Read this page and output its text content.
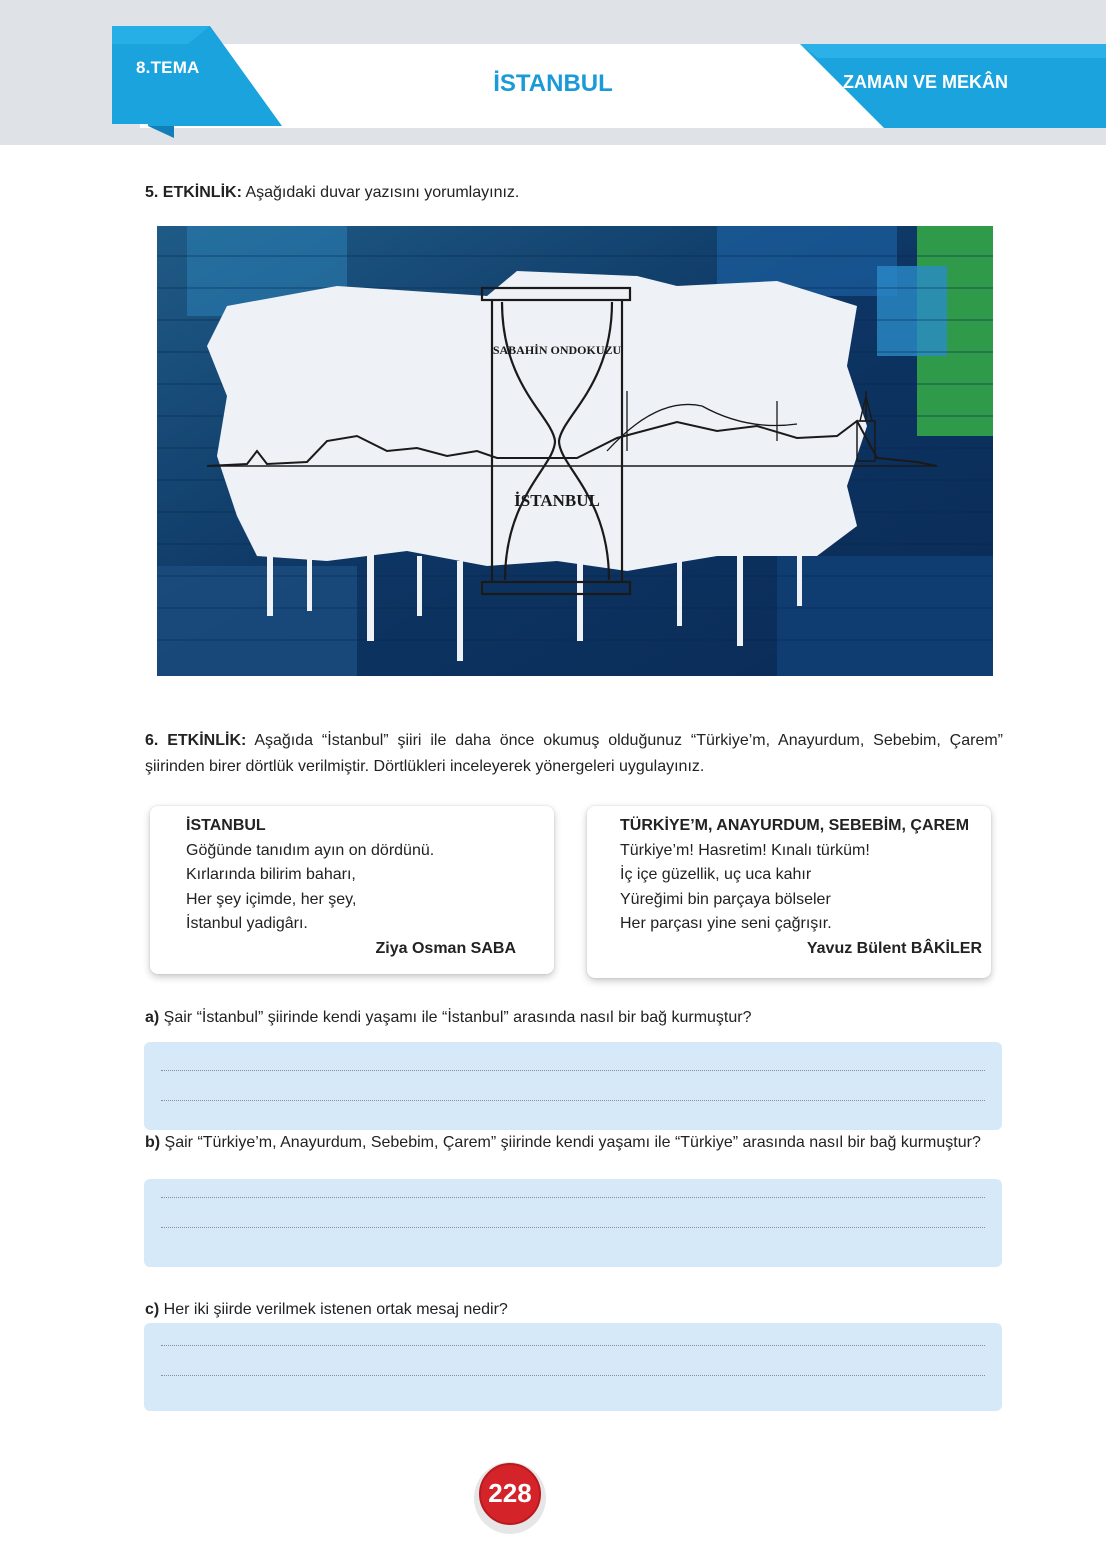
8.TEMA
ZAMAN VE MEKÂN
İSTANBUL
5. ETKİNLİK: Aşağıdaki duvar yazısını yorumlayınız.
SABAHİN ONDOKUZU
İSTANBUL
6. ETKİNLİK: Aşağıda “İstanbul” şiiri ile daha önce okumuş olduğunuz “Türkiye’m, Anayurdum, Sebebim, Çarem” şiirinden birer dörtlük verilmiştir. Dörtlükleri inceleyerek yönergeleri uygulayınız.
İSTANBUL
Göğünde tanıdım ayın on dördünü.
Kırlarında bilirim baharı,
Her şey içimde, her şey,
İstanbul yadigârı.
Ziya Osman SABA
TÜRKİYE’M, ANAYURDUM, SEBEBİM, ÇAREM
Türkiye’m! Hasretim! Kınalı türküm!
İç içe güzellik, uç uca kahır
Yüreğimi bin parçaya bölseler
Her parçası yine seni çağrışır.
Yavuz Bülent BÂKİLER
a) Şair “İstanbul” şiirinde kendi yaşamı ile “İstanbul” arasında nasıl bir bağ kurmuştur?
b) Şair “Türkiye’m, Anayurdum, Sebebim, Çarem” şiirinde kendi yaşamı ile “Türkiye” arasında nasıl bir bağ kurmuştur?
c) Her iki şiirde verilmek istenen ortak mesaj nedir?
228
